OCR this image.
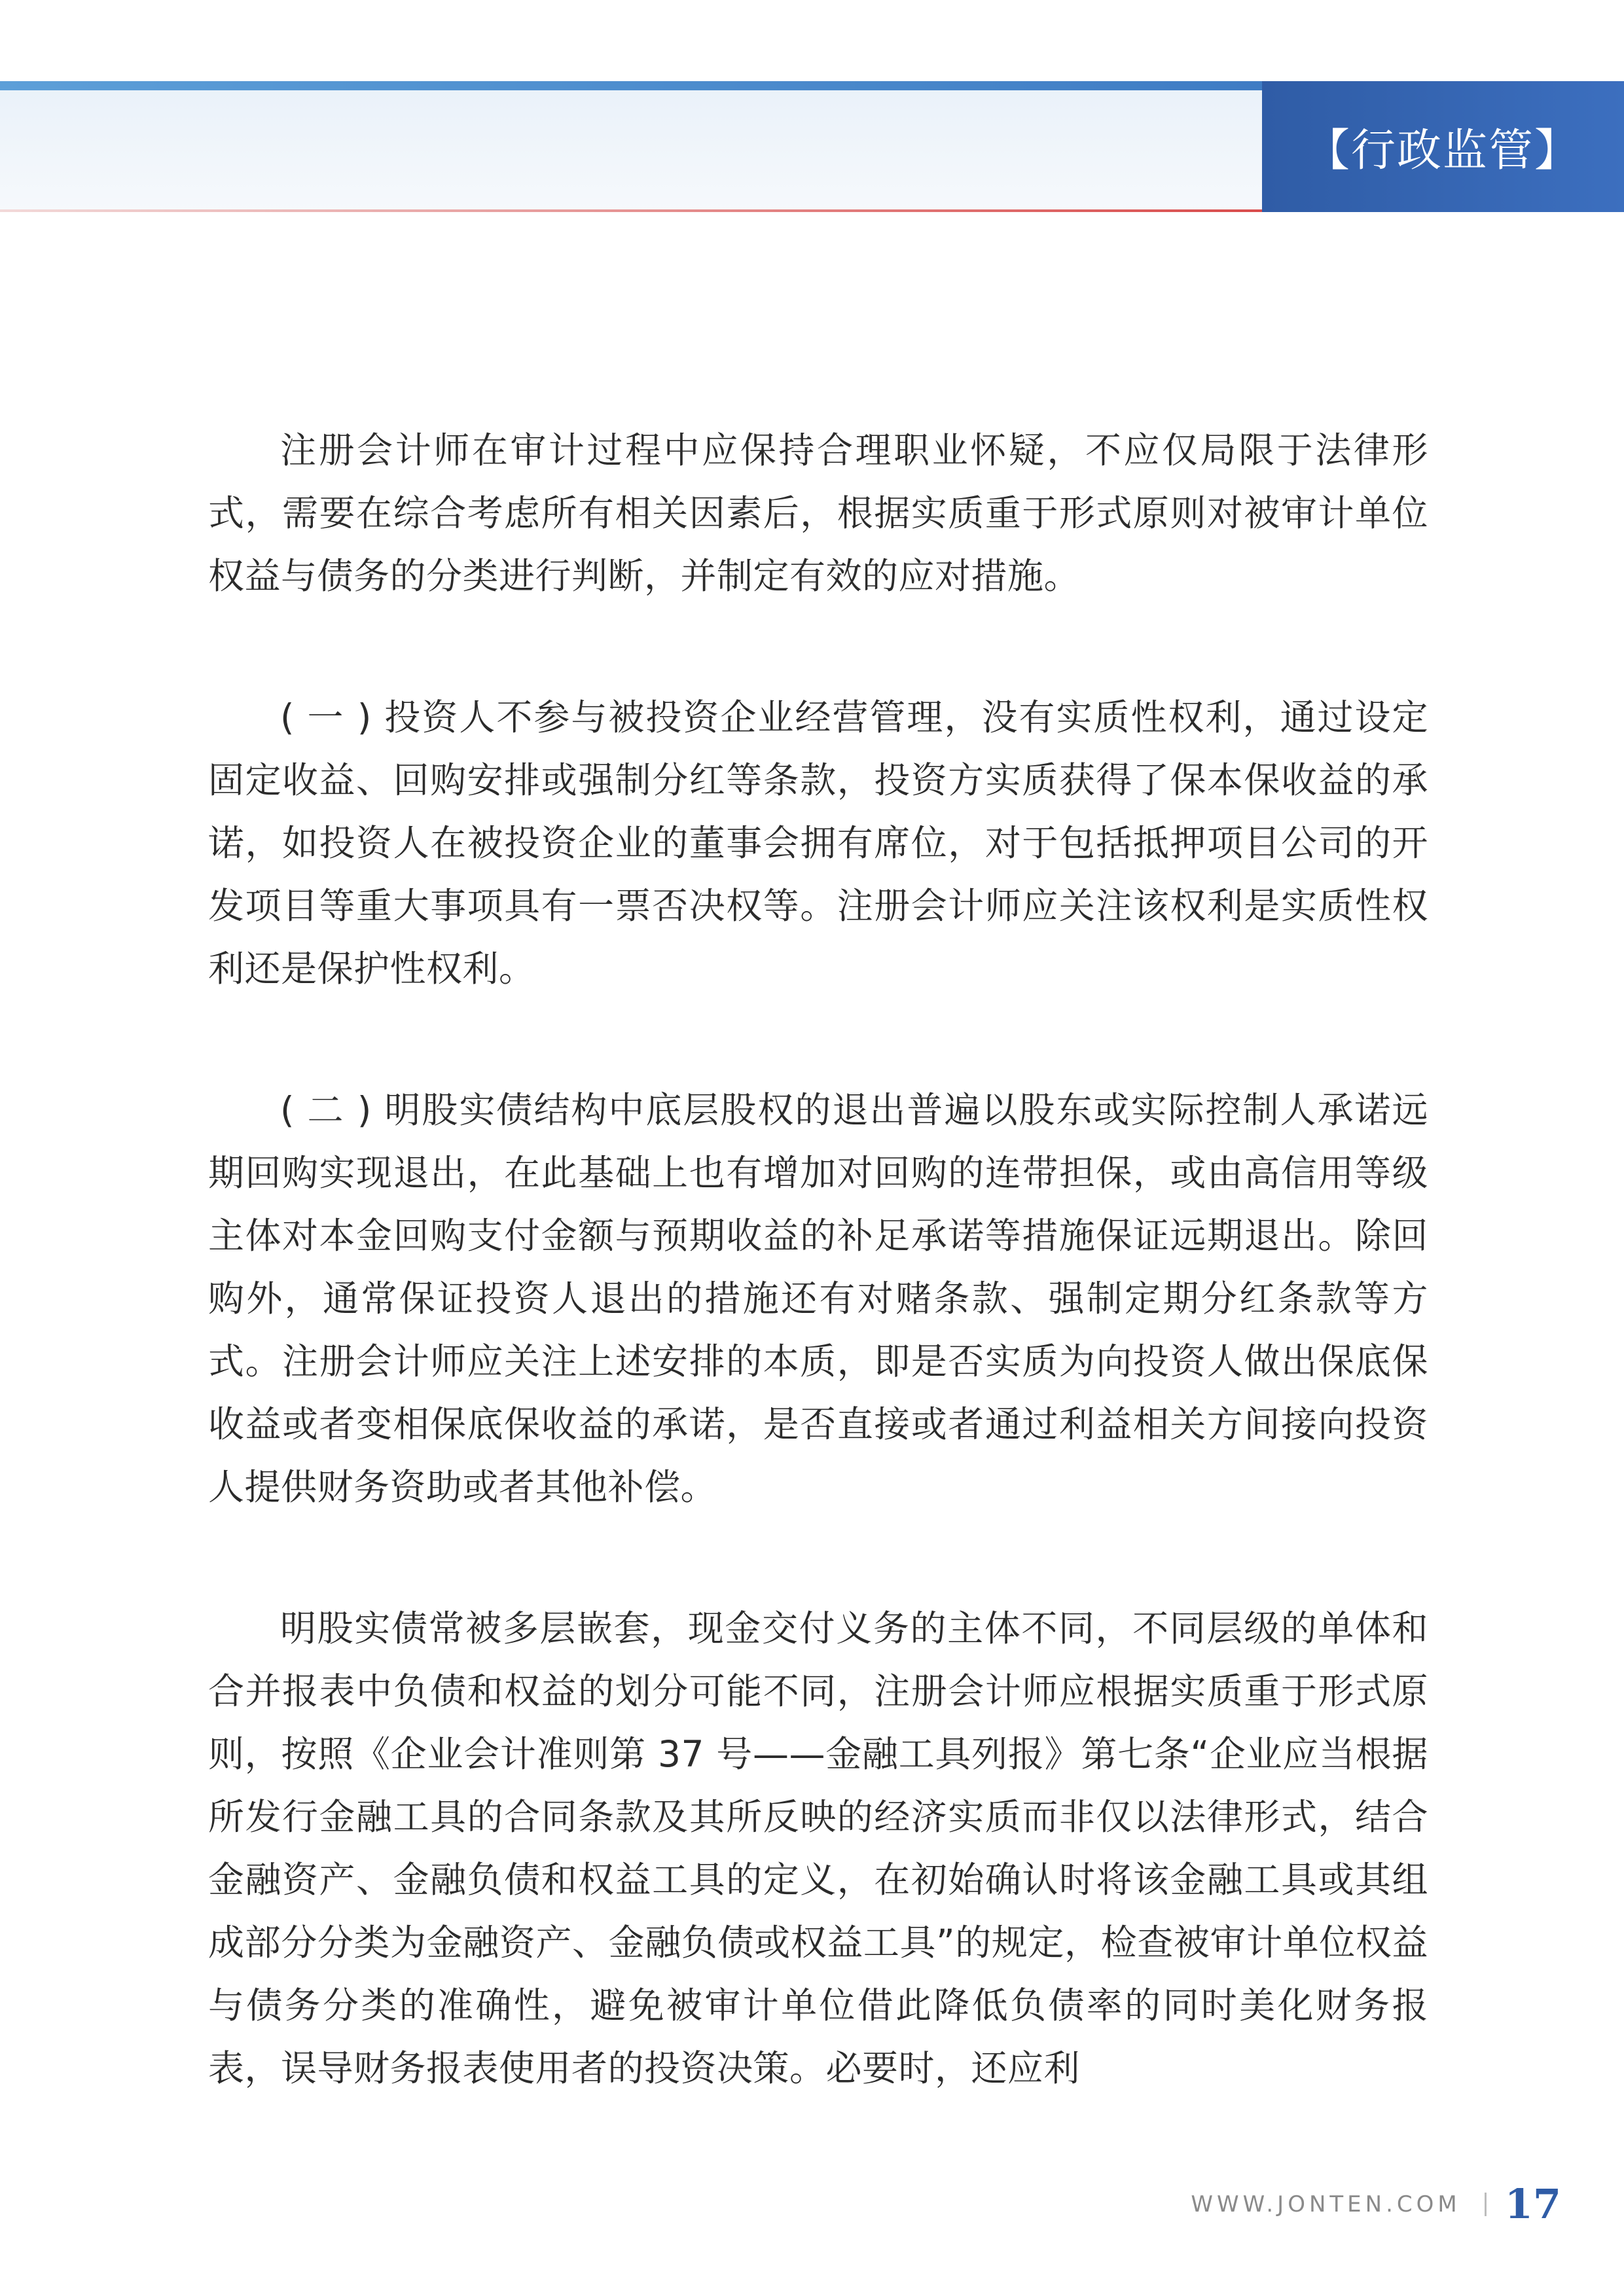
【行政监管】

注册会计师在审计过程中应保持合理职业怀疑，不应仅局限于法律形式，需要在综合考虑所有相关因素后，根据实质重于形式原则对被审计单位权益与债务的分类进行判断，并制定有效的应对措施。

( 一 ) 投资人不参与被投资企业经营管理，没有实质性权利，通过设定固定收益、回购安排或强制分红等条款，投资方实质获得了保本保收益的承诺，如投资人在被投资企业的董事会拥有席位，对于包括抵押项目公司的开发项目等重大事项具有一票否决权等。注册会计师应关注该权利是实质性权利还是保护性权利。

( 二 ) 明股实债结构中底层股权的退出普遍以股东或实际控制人承诺远期回购实现退出，在此基础上也有增加对回购的连带担保，或由高信用等级主体对本金回购支付金额与预期收益的补足承诺等措施保证远期退出。除回购外，通常保证投资人退出的措施还有对赌条款、强制定期分红条款等方式。注册会计师应关注上述安排的本质，即是否实质为向投资人做出保底保收益或者变相保底保收益的承诺，是否直接或者通过利益相关方间接向投资人提供财务资助或者其他补偿。

明股实债常被多层嵌套，现金交付义务的主体不同，不同层级的单体和合并报表中负债和权益的划分可能不同，注册会计师应根据实质重于形式原则，按照《企业会计准则第 37 号——金融工具列报》第七条“企业应当根据所发行金融工具的合同条款及其所反映的经济实质而非仅以法律形式，结合金融资产、金融负债和权益工具的定义，在初始确认时将该金融工具或其组成部分分类为金融资产、金融负债或权益工具”的规定，检查被审计单位权益与债务分类的准确性，避免被审计单位借此降低负债率的同时美化财务报表，误导财务报表使用者的投资决策。必要时，还应利

WWW.JONTEN.COM 17
